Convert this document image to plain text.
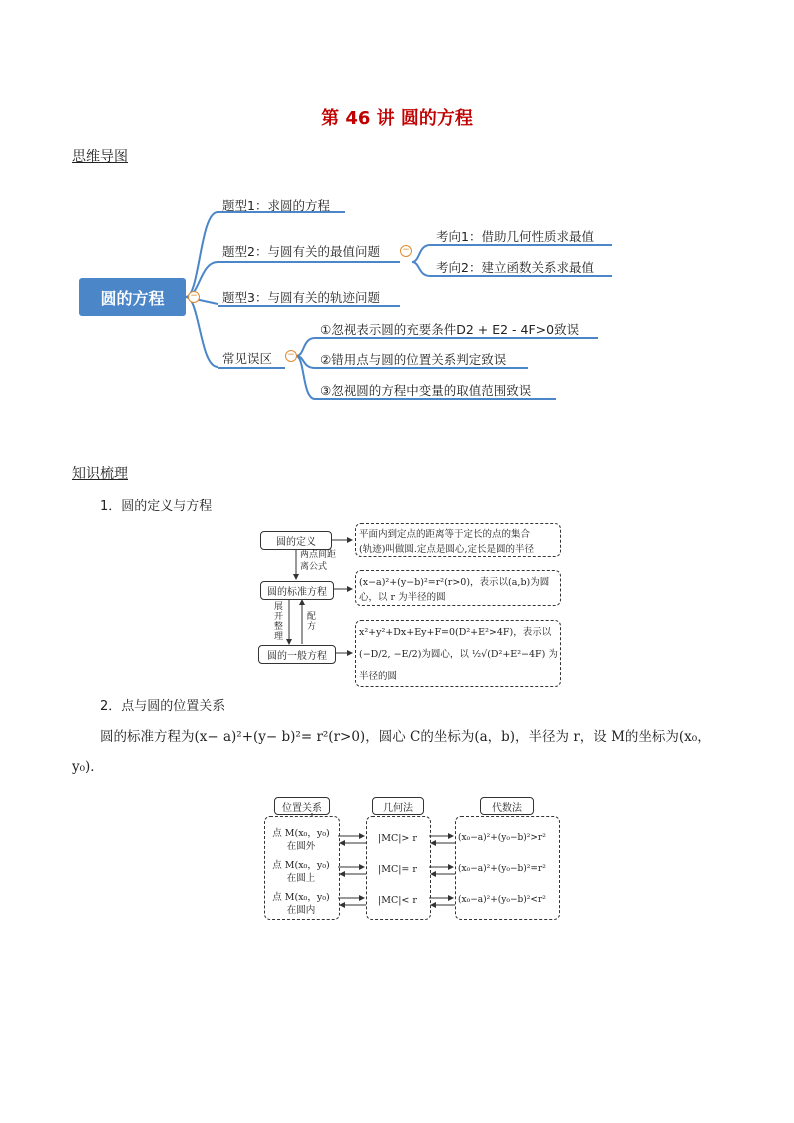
第 46 讲 圆的方程
思维导图
圆的方程	−
题型1：求圆的方程
题型2：与圆有关的最值问题 −
考向1：借助几何性质求最值
考向2：建立函数关系求最值
题型3：与圆有关的轨迹问题
常见误区 −
①忽视表示圆的充要条件D2 + E2 - 4F>0致误
②错用点与圆的位置关系判定致误
③忽视圆的方程中变量的取值范围致误
知识梳理
1．圆的定义与方程
圆的定义
平面内到定点的距离等于定长的点的集合
(轨迹)叫做圆.定点是圆心,定长是圆的半径
两点间距
离公式
圆的标准方程
(x−a)²+(y−b)²=r²(r>0)，表示以(a,b)为圆
心，以 r 为半径的圆
展开整理
配方
圆的一般方程
x²+y²+Dx+Ey+F=0(D²+E²>4F)，表示以
(−D/2, −E/2)为圆心，以 ½√(D²+E²−4F) 为
半径的圆
2．点与圆的位置关系
圆的标准方程为(x− a)²+(y− b)²= r²(r>0)，圆心 C的坐标为(a，b)，半径为 r，设 M的坐标为(x₀，
y₀)．
位置关系	几何法	代数法
点 M(x₀，y₀)
在圆外
|MC|> r	(x₀−a)²+(y₀−b)²>r²
点 M(x₀，y₀)
在圆上
|MC|= r	(x₀−a)²+(y₀−b)²=r²
点 M(x₀，y₀)
在圆内
|MC|< r	(x₀−a)²+(y₀−b)²<r²
